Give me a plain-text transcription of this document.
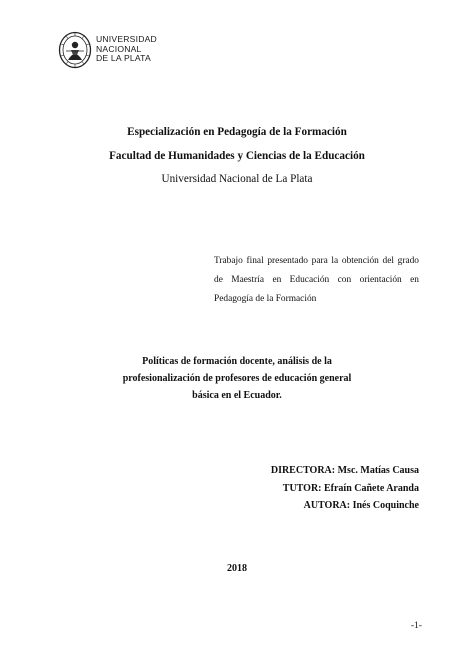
UNIVERSIDAD
NACIONAL
DE LA PLATA
Especialización en Pedagogía de la Formación
Facultad de Humanidades y Ciencias de la Educación
Universidad Nacional de La Plata
Trabajo final presentado para la obtención del grado
de Maestría en Educación con orientación en
Pedagogía de la Formación
Políticas de formación docente, análisis de la
profesionalización de profesores de educación general
básica en el Ecuador.
DIRECTORA: Msc. Matías Causa
TUTOR: Efraín Cañete Aranda
AUTORA: Inés Coquinche
2018
-1-
